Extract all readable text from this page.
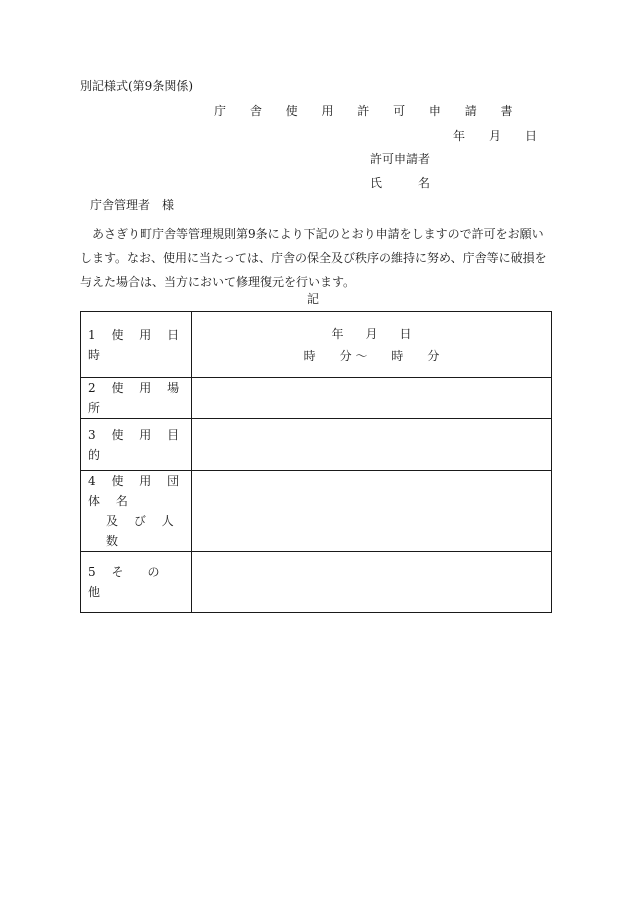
別記様式(第9条関係)
庁 舎 使 用 許 可 申 請 書
年 月 日
許可申請者
氏	名
庁舎管理者　様

あさぎり町庁舎等管理規則第9条により下記のとおり申請をしますので許可をお願いします。なお、使用に当たっては、庁舎の保全及び秩序の維持に努め、庁舎等に破損を与えた場合は、当方において修理復元を行います。

記
1 使 用 日 時	年 月 日
時 分 〜 時 分

2 使 用 場 所	
3 使 用 目 的	

4 使 用 団 体 名
及 び 人 数	

5 そ　の　他	
